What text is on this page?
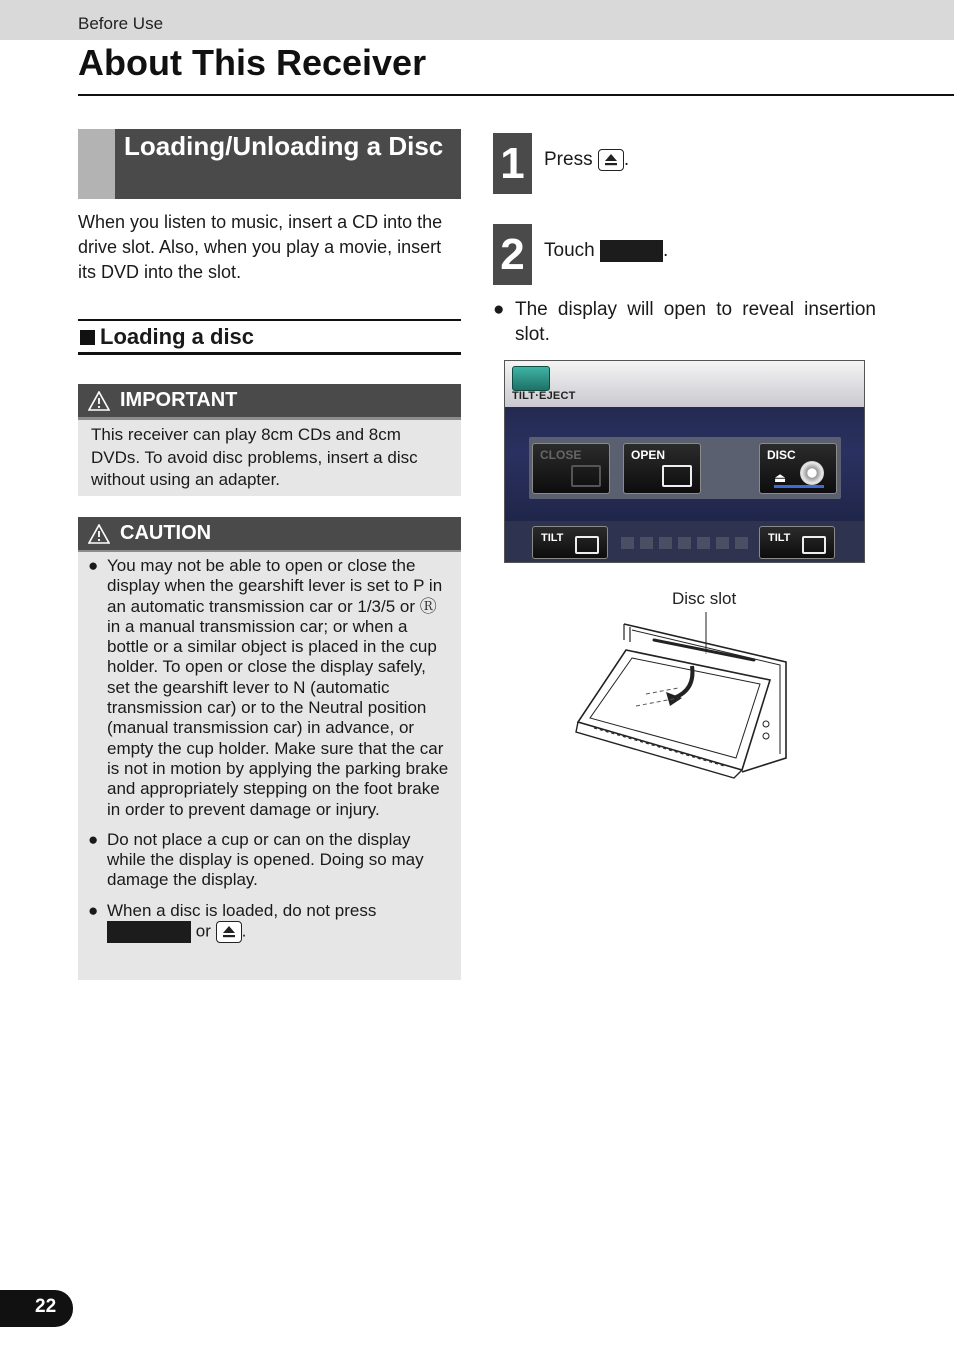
Before Use
About This Receiver
Loading/Unloading a Disc

When you listen to music, insert a CD into the drive slot. Also, when you play a movie, insert its DVD into the slot.

Loading a disc
IMPORTANT
This receiver can play 8cm CDs and 8cm DVDs. To avoid disc problems, insert a disc without using an adapter.
CAUTION
● You may not be able to open or close the display when the gearshift lever is set to P in an automatic transmission car or 1/3/5 or Ⓡ in a manual transmission car; or when a bottle or a similar object is placed in the cup holder. To open or close the display safely, set the gearshift lever to N (automatic transmission car) or to the Neutral position (manual transmission car) in advance, or empty the cup holder. Make sure that the car is not in motion by applying the parking brake and appropriately stepping on the foot brake in order to prevent damage or injury.
● Do not place a cup or can on the display while the display is opened. Doing so may damage the display.
● When a disc is loaded, do not press
or .
1	Press .
2	Touch	.
● The display will open to reveal insertion slot.
TILT·EJECT
CLOSE	OPEN	DISC
⏏
TILT	TILT
Disc slot
22
